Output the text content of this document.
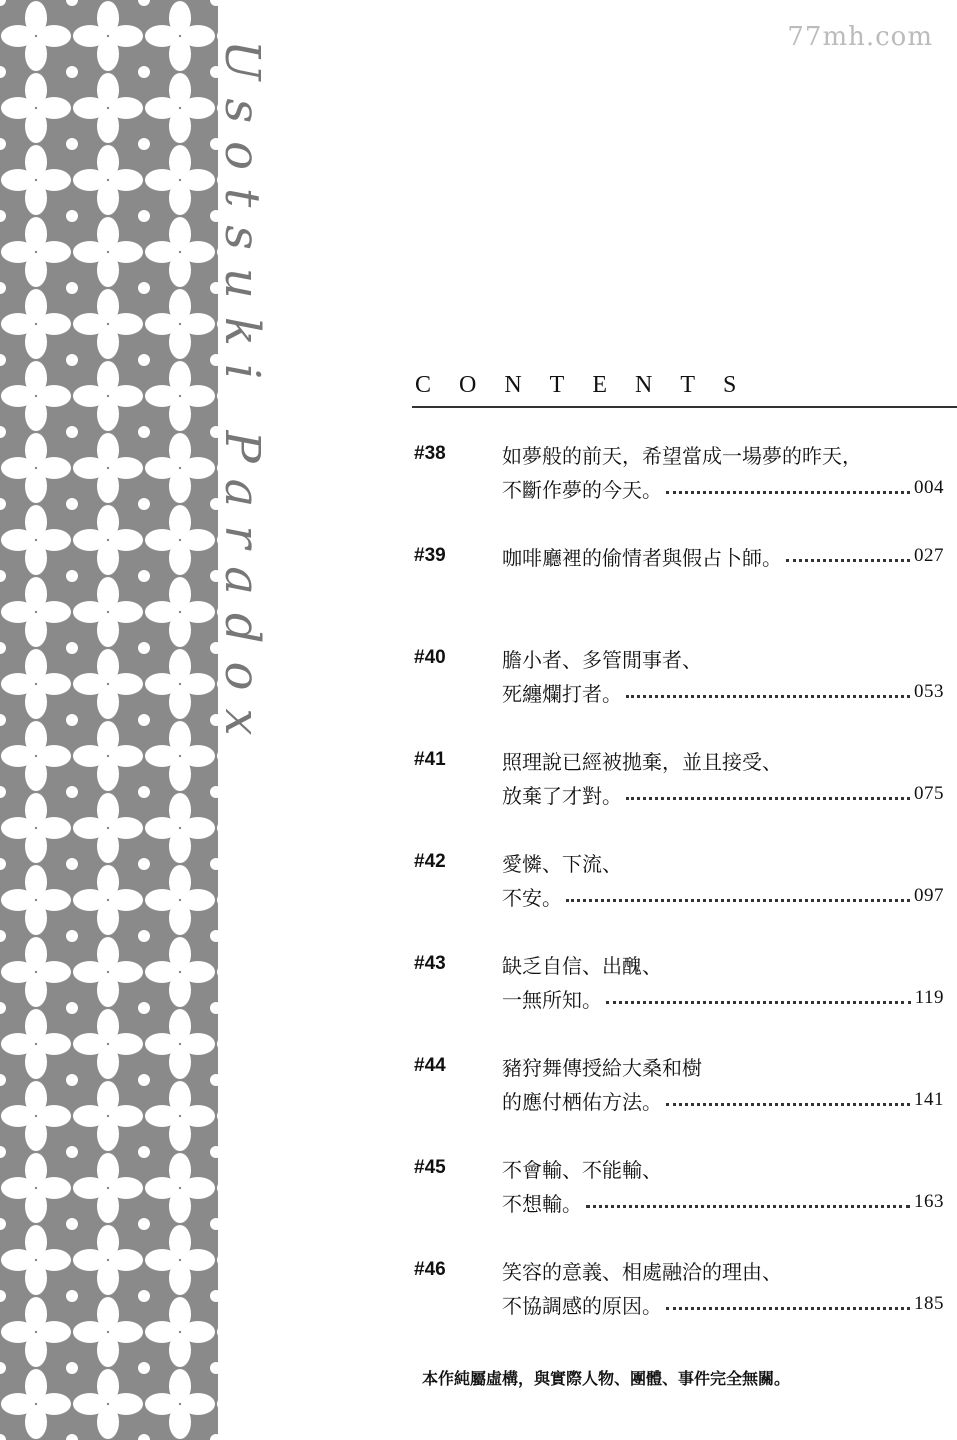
Usotsuki Paradox
77mh.com
CONTENTS
#38	如夢般的前天，希望當成一場夢的昨天，
不斷作夢的今天。	004
#39	咖啡廳裡的偷情者與假占卜師。	027
#40	膽小者、多管閒事者、
死纏爛打者。	053
#41	照理說已經被拋棄，並且接受、
放棄了才對。	075
#42	愛憐、下流、
不安。	097
#43	缺乏自信、出醜、
一無所知。	119
#44	豬狩舞傳授給大桑和樹
的應付栖佑方法。	141
#45	不會輸、不能輸、
不想輸。	163
#46	笑容的意義、相處融洽的理由、
不協調感的原因。	185
本作純屬虛構，與實際人物、團體、事件完全無關。
